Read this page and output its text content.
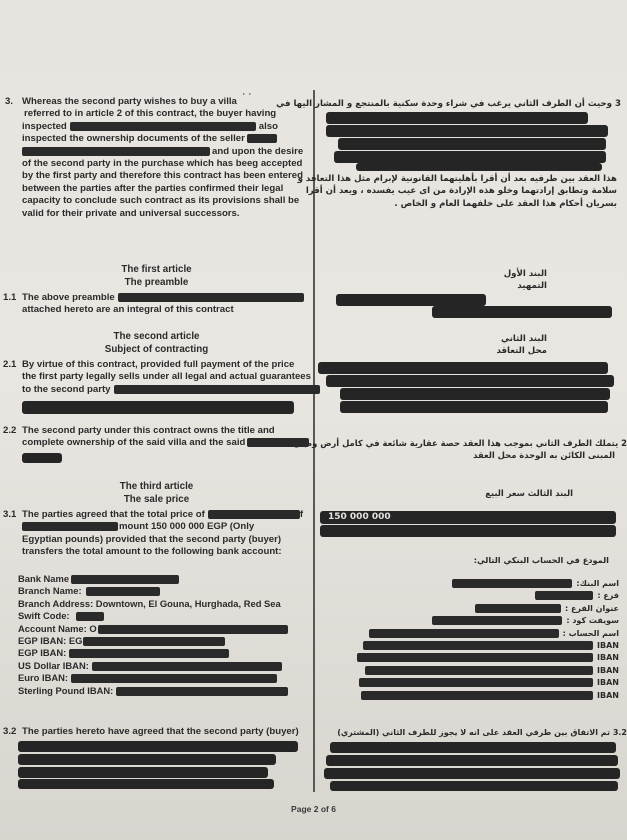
3. Whereas the second party wishes to buy a villa ˙ ˙
referred to in article 2 of this contract, the buyer having
inspected	also
inspected the ownership documents of the seller
and upon the desire
of the second party in the purchase which has beeg accepted
by the first party and therefore this contract has been entered
between the parties after the parties confirmed their legal
capacity to conclude such contract as its provisions shall be
valid for their private and universal successors.
The first article
The preamble
1.1 The above preamble
attached hereto are an integral of this contract
The second article
Subject of contracting
2.1 By virtue of this contract, provided full payment of the price
the first party legally sells under all legal and actual guarantees
to the second party
2.2 The second party under this contract owns the title and
complete ownership of the said villa and the said
The third article
The sale price
3.1 The parties agreed that the total price of	f
mount 150 000 000 EGP (Only
Egyptian pounds) provided that the second party (buyer)
transfers the total amount to the following bank account:
Bank Name
Branch Name:
Branch Address: Downtown, El Gouna, Hurghada, Red Sea
Swift Code:
Account Name: O
EGP IBAN: EG
EGP IBAN:
US Dollar IBAN:
Euro IBAN:
Sterling Pound IBAN:
3.2 The parties hereto have agreed that the second party (buyer)
3 وحيث أن الطرف الثاني يرغب في شراء وحدة سكنية بالمنتجع و المشار اليها في
هذا العقد بين طرفيه بعد أن أقرا بأهليتهما القانونية لإبرام مثل هذا التعاقد و
سلامة وتطابق إرادتهما وخلو هذه الإرادة من اى عيب يفسده ، ويعد أن أقرا
بسريان أحكام هذا العقد على خلفهما العام و الخاص .
البند الأول
التمهيد
البند الثاني
محل التعاقد
2 يتملك الطرف الثاني بموجب هذا العقد حصة عقارية شائعة في كامل أرض ومبان
المبنى الكائن به الوحدة محل العقد
البند الثالث سعر البيع
150 000 000
المودع في الحساب البنكي التالي:
اسم البنك:
فرع :
عنوان الفرع :
سويفت كود :
اسم الحساب :
IBAN
IBAN
IBAN
IBAN
IBAN
3.2 تم الاتفاق بين طرفي العقد على انه لا يجوز للطرف الثاني (المشتري)
Page 2 of 6
